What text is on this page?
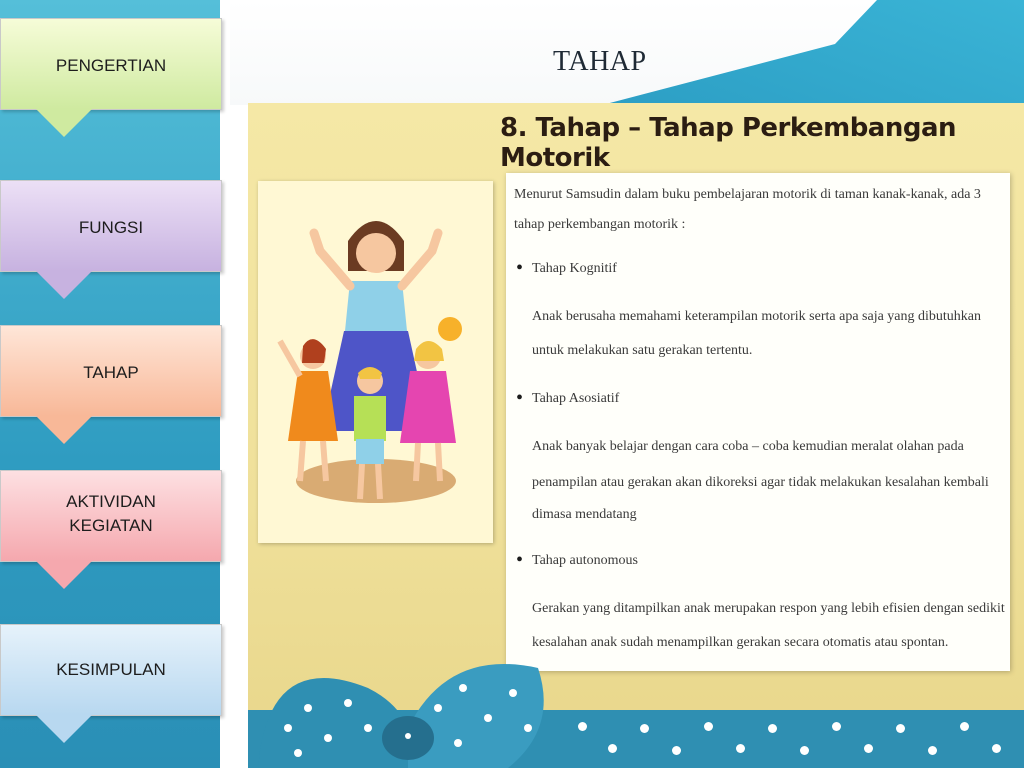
TAHAP
PENGERTIAN
FUNGSI
TAHAP
AKTIVIDAN
KEGIATAN
KESIMPULAN
8. Tahap – Tahap Perkembangan Motorik
Menurut Samsudin dalam buku pembelajaran motorik di taman kanak-kanak, ada 3
tahap perkembangan motorik :
• Tahap Kognitif
Anak berusaha memahami keterampilan motorik serta apa saja yang dibutuhkan
untuk melakukan satu gerakan tertentu.
• Tahap Asosiatif
Anak banyak belajar dengan cara coba – coba kemudian meralat olahan pada
penampilan atau gerakan akan dikoreksi agar tidak melakukan kesalahan kembali
dimasa mendatang
• Tahap autonomous
Gerakan yang ditampilkan anak merupakan respon yang lebih efisien dengan sedikit
kesalahan anak sudah menampilkan gerakan secara otomatis atau spontan.
